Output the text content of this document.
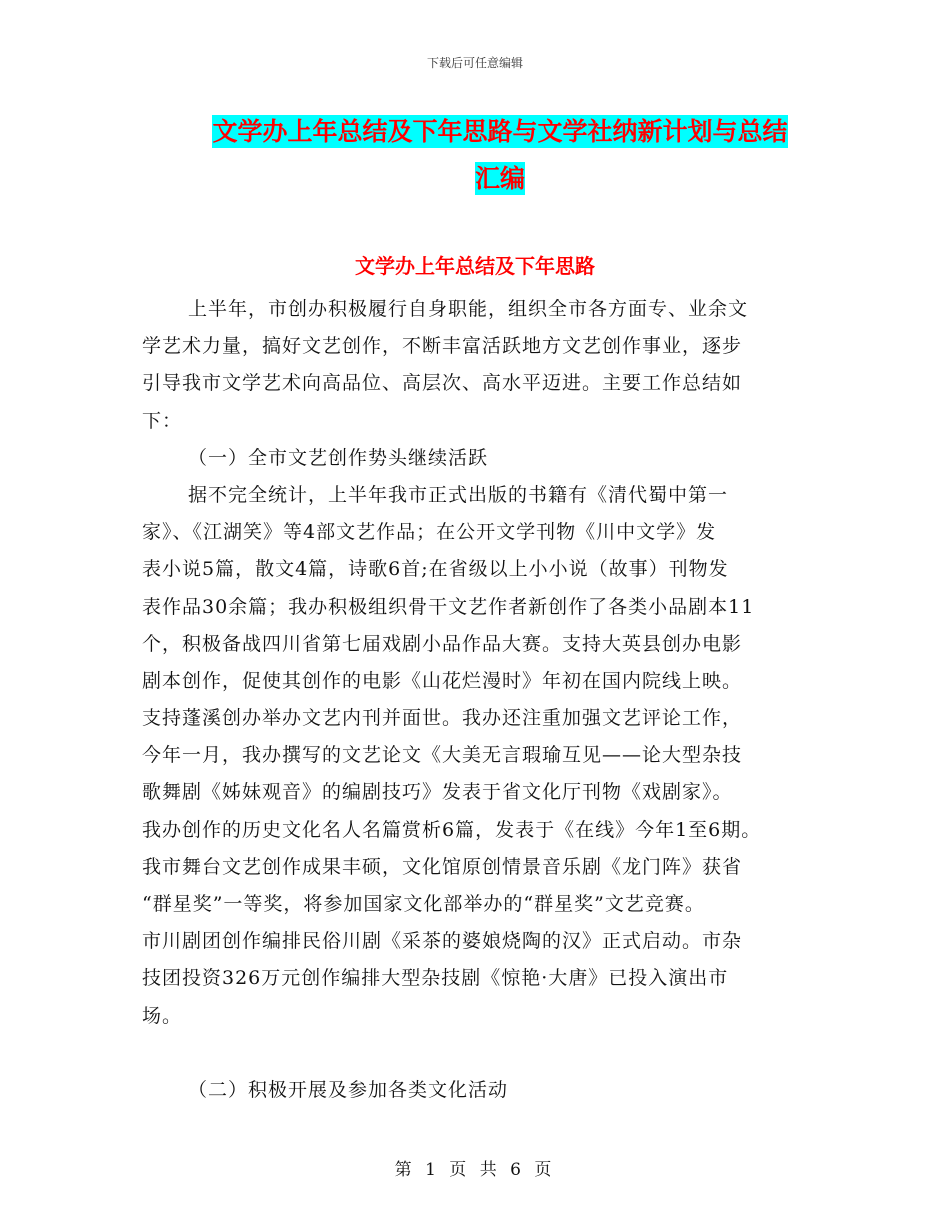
下载后可任意编辑
文学办上年总结及下年思路与文学社纳新计划与总结
汇编
文学办上年总结及下年思路
上半年，市创办积极履行自身职能，组织全市各方面专、业余文
学艺术力量，搞好文艺创作，不断丰富活跃地方文艺创作事业，逐步
引导我市文学艺术向高品位、高层次、高水平迈进。主要工作总结如
下：
（一）全市文艺创作势头继续活跃
据不完全统计，上半年我市正式出版的书籍有《清代蜀中第一
家》、《江湖笑》等4部文艺作品；在公开文学刊物《川中文学》发
表小说5篇，散文4篇，诗歌6首;在省级以上小小说（故事）刊物发
表作品30余篇；我办积极组织骨干文艺作者新创作了各类小品剧本11
个，积极备战四川省第七届戏剧小品作品大赛。支持大英县创办电影
剧本创作，促使其创作的电影《山花烂漫时》年初在国内院线上映。
支持蓬溪创办举办文艺内刊并面世。我办还注重加强文艺评论工作，
今年一月，我办撰写的文艺论文《大美无言瑕瑜互见——论大型杂技
歌舞剧《姊妹观音》的编剧技巧》发表于省文化厅刊物《戏剧家》。
我办创作的历史文化名人名篇赏析6篇，发表于《在线》今年1至6期。
我市舞台文艺创作成果丰硕，文化馆原创情景音乐剧《龙门阵》获省
“群星奖”一等奖，将参加国家文化部举办的“群星奖”文艺竞赛。
市川剧团创作编排民俗川剧《采茶的婆娘烧陶的汉》正式启动。市杂
技团投资326万元创作编排大型杂技剧《惊艳·大唐》已投入演出市
场。
（二）积极开展及参加各类文化活动
第 1 页 共 6 页
